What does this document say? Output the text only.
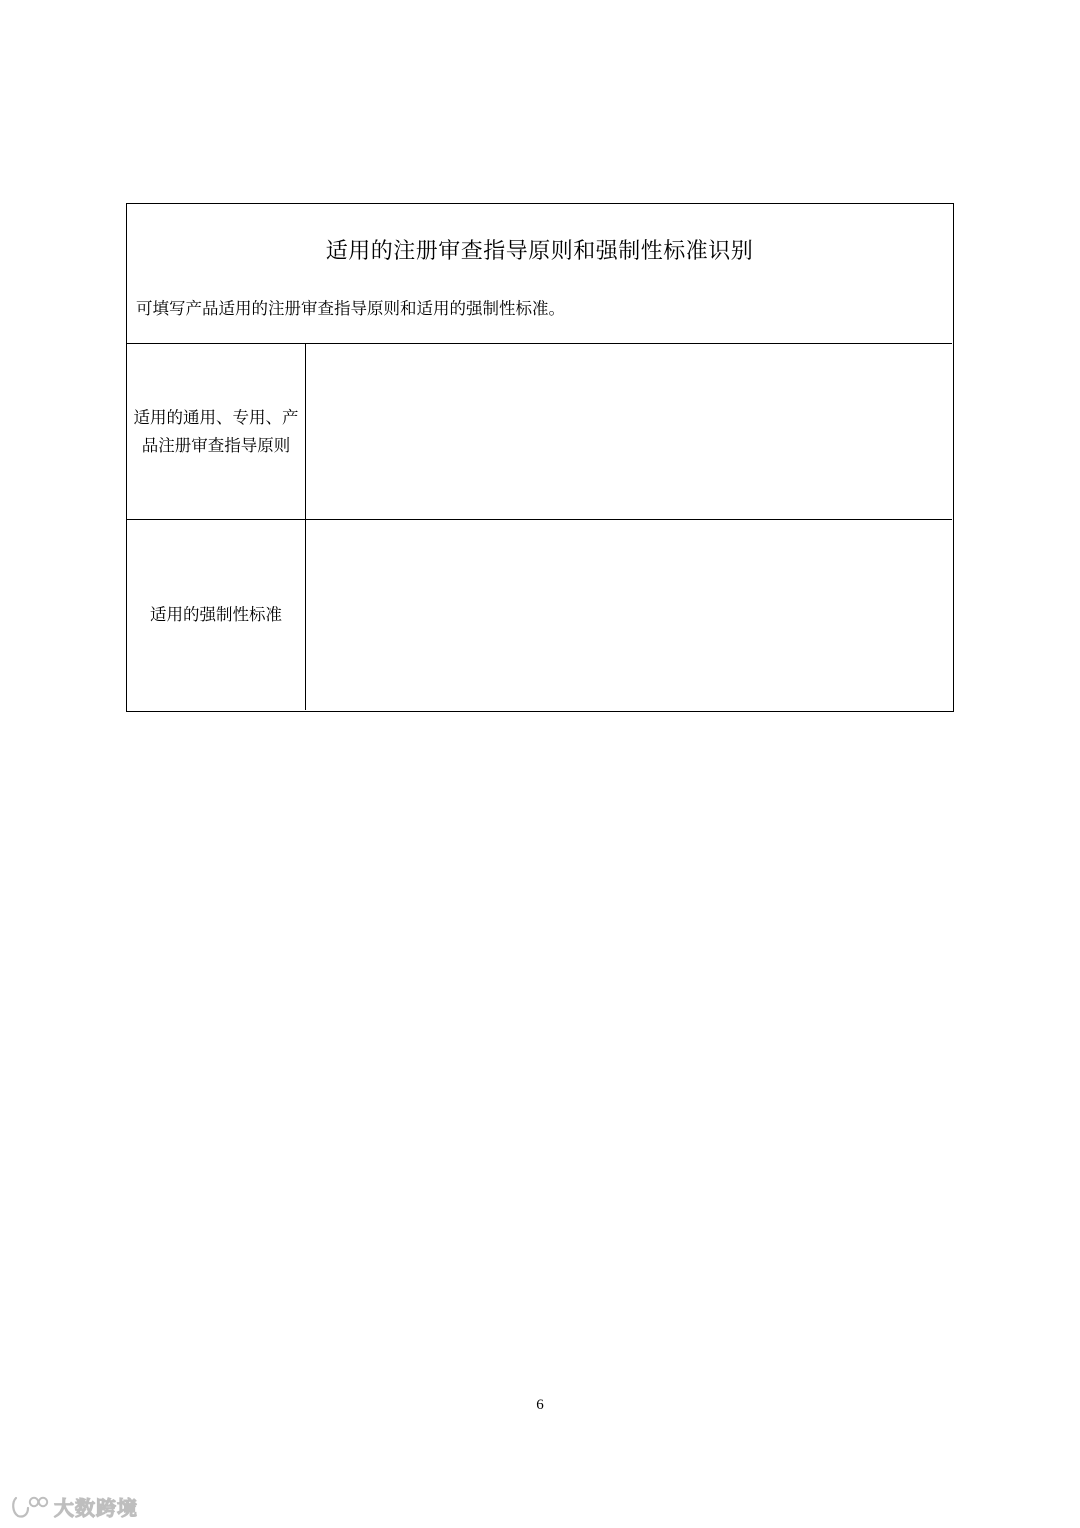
适用的注册审查指导原则和强制性标准识别
可填写产品适用的注册审查指导原则和适用的强制性标准。
适用的通用、专用、产品注册审查指导原则
适用的强制性标准
6
大数跨境
